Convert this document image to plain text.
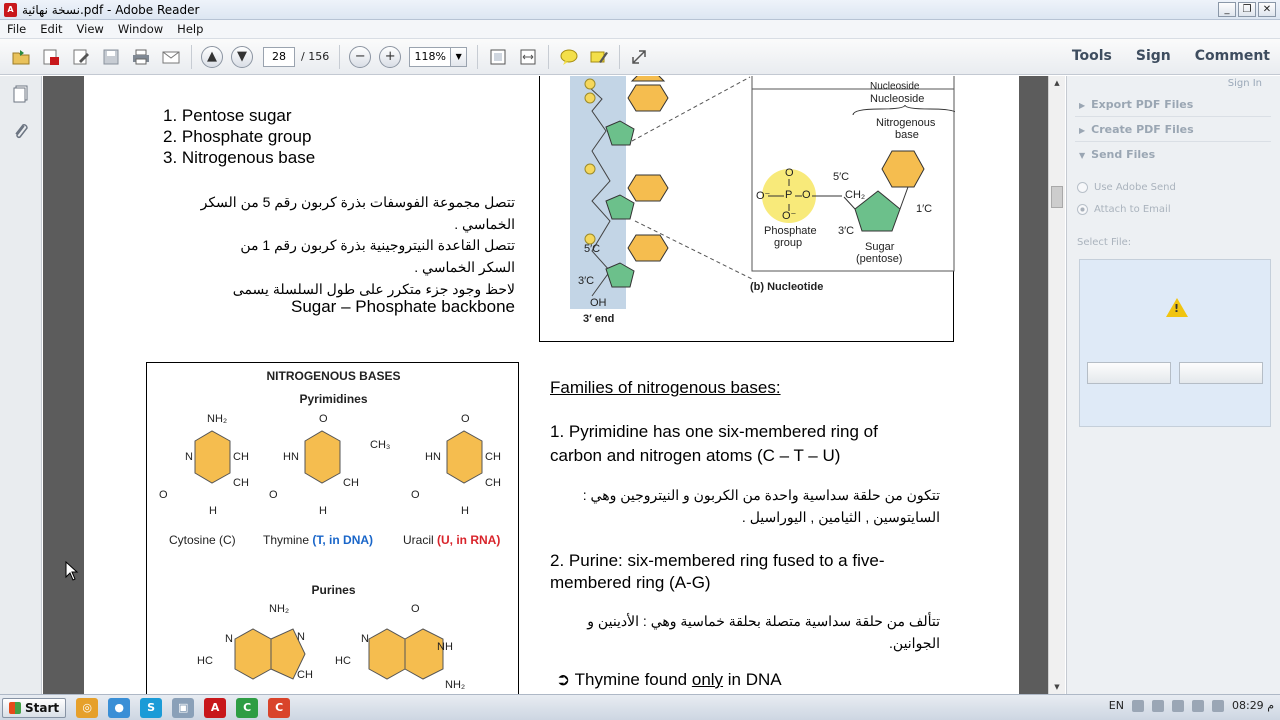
A نسخة نهائية.pdf - Adobe Reader	_	❐	✕
File	Edit	View	Window	Help
▲	▼	28	/ 156	−	+	118%	▼	Tools Sign Comment
1. Pentose sugar
2. Phosphate group
3. Nitrogenous base
تتصل مجموعة الفوسفات بذرة كربون رقم 5 من السكر
الخماسي .
تتصل القاعدة النيتروجينية بذرة كربون رقم 1 من
السكر الخماسي .
لاحظ وجود جزء متكرر على طول السلسلة يسمى
Sugar – Phosphate backbone
Nucleoside
Nucleoside
Nitrogenous
base
O
P
O⁻	O
O⁻
5′C
CH₂
1′C
3′C
Phosphate
group	Sugar
(pentose)
(b) Nucleotide
5′C
3′C
OH
3′ end
NITROGENOUS BASES
Pyrimidines
NH₂
N	CH
CH
O
H
O
CH₃
HN
CH
O
H
O
HN	CH
CH
O
H
Cytosine (C) Thymine (T, in DNA) Uracil (U, in RNA)
Purines
NH₂
N	N
HC
CH
O
N
NH
HC
NH₂
Families of nitrogenous bases:
1. Pyrimidine has one six-membered ring of
carbon and nitrogen atoms (C – T – U)
تتكون من حلقة سداسية واحدة من الكربون و النيتروجين وهي :
السايتوسين , الثيامين , اليوراسيل .
2. Purine: six-membered ring fused to a five-
membered ring (A-G)
تتألف من حلقة سداسية متصلة بحلقة خماسية وهي : الأدينين و
الجوانين.
➲ Thymine found only in DNA
▲
▼
Sign In
▶ Export PDF Files
▶ Create PDF Files
▼ Send Files
Use Adobe Send
Attach to Email
Select File:
!
Start	◎	●	S	▣	A	C	C	EN	08:29 م
